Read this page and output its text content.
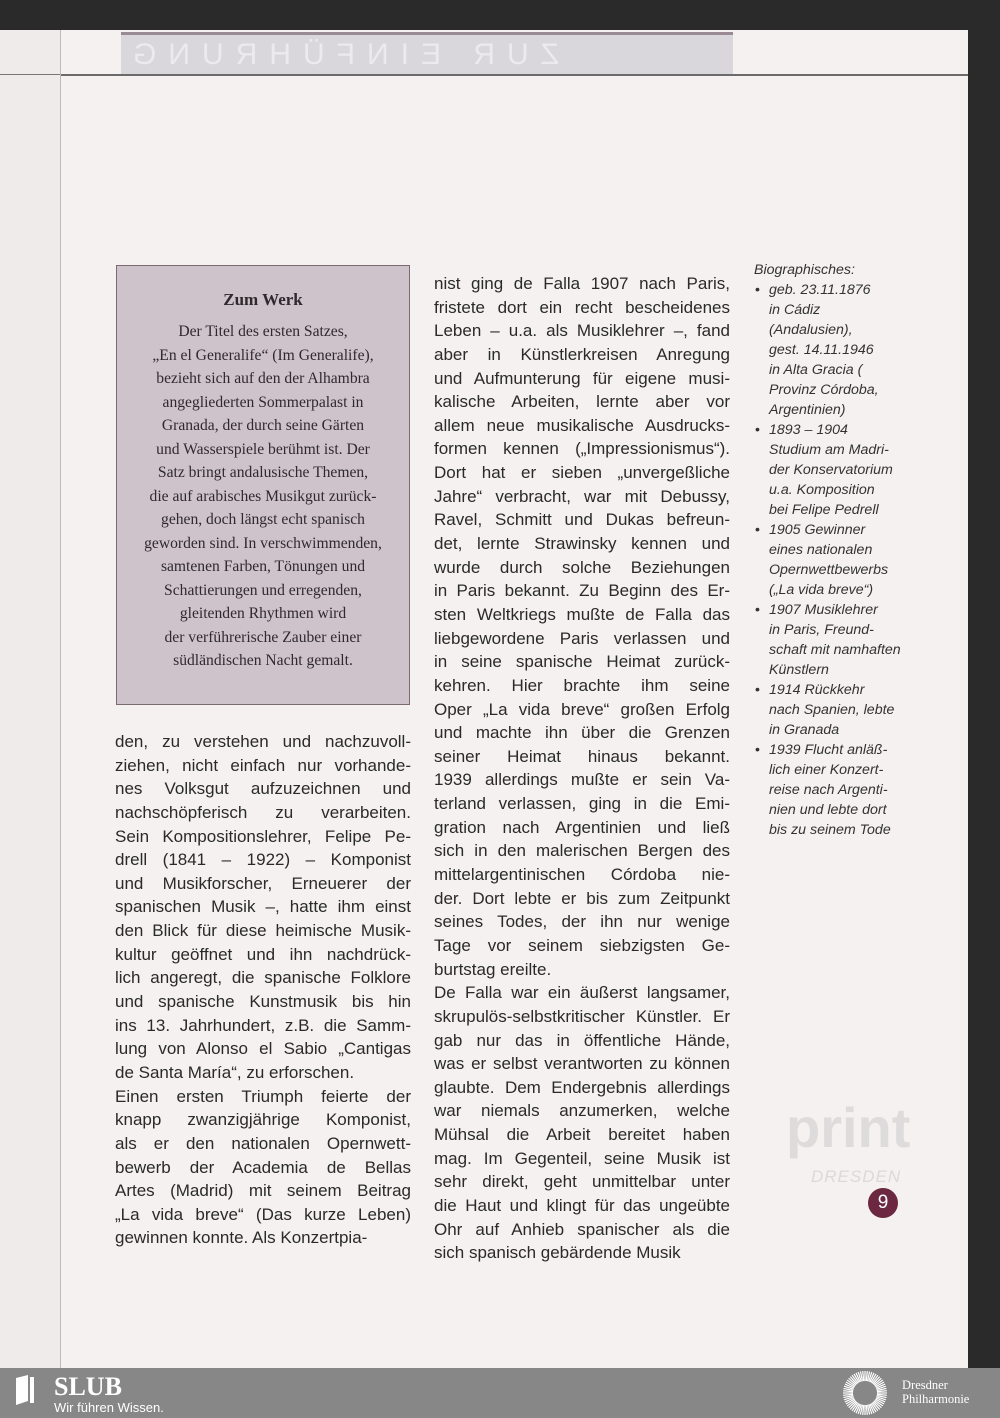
ZUR EINFÜHRUNG
Zum Werk
Der Titel des ersten Satzes,
„En el Generalife“ (Im Generalife),
bezieht sich auf den der Alhambra
angegliederten Sommerpalast in
Granada, der durch seine Gärten
und Wasserspiele berühmt ist. Der
Satz bringt andalusische Themen,
die auf arabisches Musikgut zurück-
gehen, doch längst echt spanisch
geworden sind. In verschwimmenden,
samtenen Farben, Tönungen und
Schattierungen und erregenden,
gleitenden Rhythmen wird
der verführerische Zauber einer
südländischen Nacht gemalt.
den, zu verstehen und nachzuvoll-
ziehen, nicht einfach nur vorhande-
nes Volksgut aufzuzeichnen und
nachschöpferisch zu verarbeiten.
Sein Kompositionslehrer, Felipe Pe-
drell (1841 – 1922) – Komponist
und Musikforscher, Erneuerer der
spanischen Musik –, hatte ihm einst
den Blick für diese heimische Musik-
kultur geöffnet und ihn nachdrück-
lich angeregt, die spanische Folklore
und spanische Kunstmusik bis hin
ins 13. Jahrhundert, z.B. die Samm-
lung von Alonso el Sabio „Cantigas
de Santa María“, zu erforschen.
Einen ersten Triumph feierte der
knapp zwanzigjährige Komponist,
als er den nationalen Opernwett-
bewerb der Academia de Bellas
Artes (Madrid) mit seinem Beitrag
„La vida breve“ (Das kurze Leben)
gewinnen konnte. Als Konzertpia-
nist ging de Falla 1907 nach Paris,
fristete dort ein recht bescheidenes
Leben – u.a. als Musiklehrer –, fand
aber in Künstlerkreisen Anregung
und Aufmunterung für eigene musi-
kalische Arbeiten, lernte aber vor
allem neue musikalische Ausdrucks-
formen kennen („Impressionismus“).
Dort hat er sieben „unvergeßliche
Jahre“ verbracht, war mit Debussy,
Ravel, Schmitt und Dukas befreun-
det, lernte Strawinsky kennen und
wurde durch solche Beziehungen
in Paris bekannt. Zu Beginn des Er-
sten Weltkriegs mußte de Falla das
liebgewordene Paris verlassen und
in seine spanische Heimat zurück-
kehren. Hier brachte ihm seine
Oper „La vida breve“ großen Erfolg
und machte ihn über die Grenzen
seiner Heimat hinaus bekannt.
1939 allerdings mußte er sein Va-
terland verlassen, ging in die Emi-
gration nach Argentinien und ließ
sich in den malerischen Bergen des
mittelargentinischen Córdoba nie-
der. Dort lebte er bis zum Zeitpunkt
seines Todes, der ihn nur wenige
Tage vor seinem siebzigsten Ge-
burtstag ereilte.
De Falla war ein äußerst langsamer,
skrupulös-selbstkritischer Künstler. Er
gab nur das in öffentliche Hände,
was er selbst verantworten zu können
glaubte. Dem Endergebnis allerdings
war niemals anzumerken, welche
Mühsal die Arbeit bereitet haben
mag. Im Gegenteil, seine Musik ist
sehr direkt, geht unmittelbar unter
die Haut und klingt für das ungeübte
Ohr auf Anhieb spanischer als die
sich spanisch gebärdende Musik
Biographisches:
• geb. 23.11.1876
in Cádiz
(Andalusien),
gest. 14.11.1946
in Alta Gracia (
Provinz Córdoba,
Argentinien)
• 1893 – 1904
Studium am Madri-
der Konservatorium
u.a. Komposition
bei Felipe Pedrell
• 1905 Gewinner
eines nationalen
Opernwettbewerbs
(„La vida breve“)
• 1907 Musiklehrer
in Paris, Freund-
schaft mit namhaften
Künstlern
• 1914 Rückkehr
nach Spanien, lebte
in Granada
• 1939 Flucht anläß-
lich einer Konzert-
reise nach Argenti-
nien und lebte dort
bis zu seinem Tode
print
DRESDEN
9
SLUB
Wir führen Wissen.
Dresdner
Philharmonie
